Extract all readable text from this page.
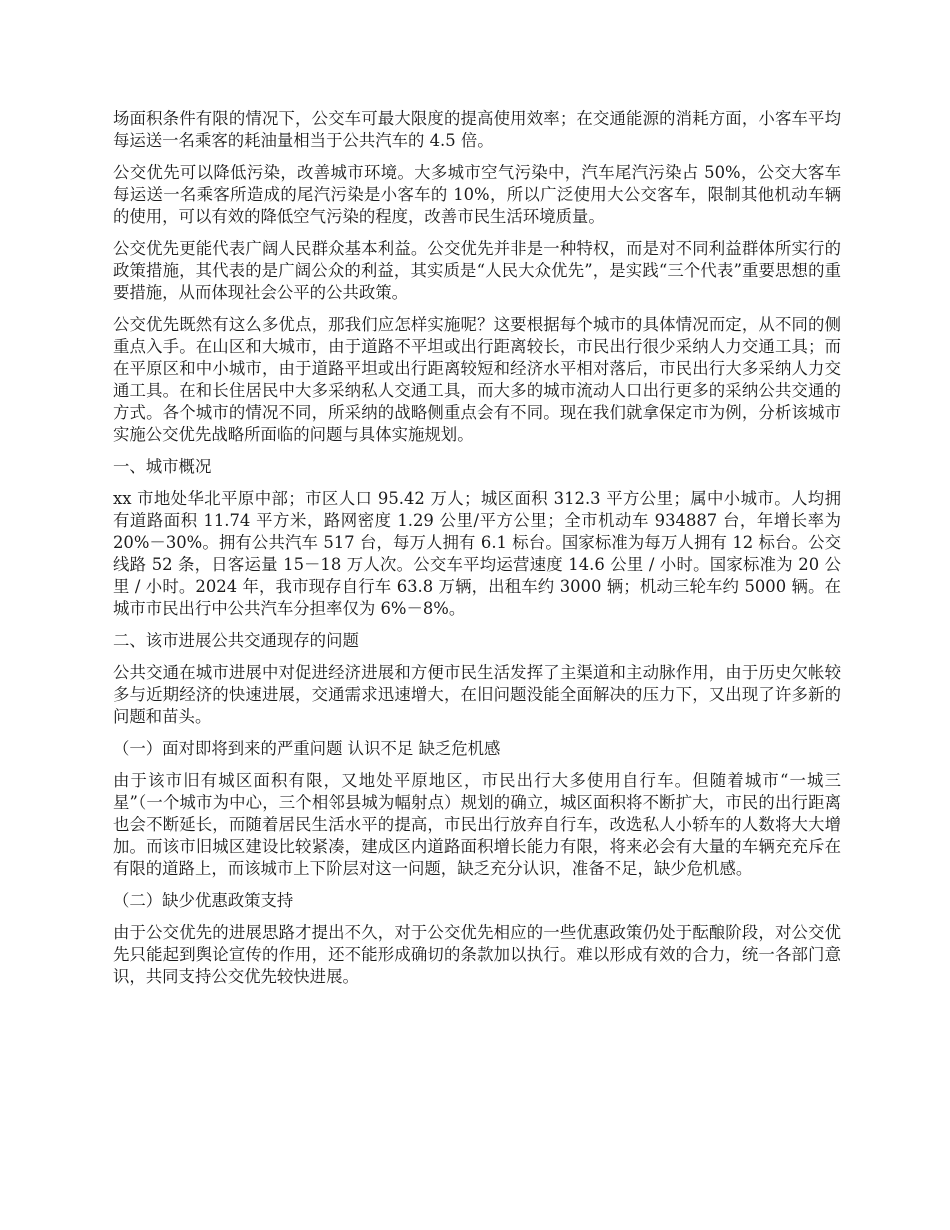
场面积条件有限的情况下，公交车可最大限度的提高使用效率；在交通能源的消耗方面，小客车平均每运送一名乘客的耗油量相当于公共汽车的 4.5 倍。

公交优先可以降低污染，改善城市环境。大多城市空气污染中，汽车尾汽污染占 50%，公交大客车每运送一名乘客所造成的尾汽污染是小客车的 10%，所以广泛使用大公交客车，限制其他机动车辆的使用，可以有效的降低空气污染的程度，改善市民生活环境质量。

公交优先更能代表广阔人民群众基本利益。公交优先并非是一种特权，而是对不同利益群体所实行的政策措施，其代表的是广阔公众的利益，其实质是“人民大众优先”，是实践“三个代表”重要思想的重要措施，从而体现社会公平的公共政策。

公交优先既然有这么多优点，那我们应怎样实施呢？这要根据每个城市的具体情况而定，从不同的侧重点入手。在山区和大城市，由于道路不平坦或出行距离较长，市民出行很少采纳人力交通工具；而在平原区和中小城市，由于道路平坦或出行距离较短和经济水平相对落后，市民出行大多采纳人力交通工具。在和长住居民中大多采纳私人交通工具，而大多的城市流动人口出行更多的采纳公共交通的方式。各个城市的情况不同，所采纳的战略侧重点会有不同。现在我们就拿保定市为例，分析该城市实施公交优先战略所面临的问题与具体实施规划。

一、城市概况

xx 市地处华北平原中部；市区人口 95.42 万人；城区面积 312.3 平方公里；属中小城市。人均拥有道路面积 11.74 平方米，路网密度 1.29 公里/平方公里；全市机动车 934887 台，年增长率为 20%－30%。拥有公共汽车 517 台，每万人拥有 6.1 标台。国家标准为每万人拥有 12 标台。公交线路 52 条，日客运量 15－18 万人次。公交车平均运营速度 14.6 公里 / 小时。国家标准为 20 公里 / 小时。2024 年，我市现存自行车 63.8 万辆，出租车约 3000 辆；机动三轮车约 5000 辆。在城市市民出行中公共汽车分担率仅为 6%－8%。

二、该市进展公共交通现存的问题

公共交通在城市进展中对促进经济进展和方便市民生活发挥了主渠道和主动脉作用，由于历史欠帐较多与近期经济的快速进展，交通需求迅速增大，在旧问题没能全面解决的压力下，又出现了许多新的问题和苗头。

（一）面对即将到来的严重问题 认识不足 缺乏危机感

由于该市旧有城区面积有限，又地处平原地区，市民出行大多使用自行车。但随着城市“一城三星”（一个城市为中心，三个相邻县城为幅射点）规划的确立，城区面积将不断扩大，市民的出行距离也会不断延长，而随着居民生活水平的提高，市民出行放弃自行车，改选私人小轿车的人数将大大增加。而该市旧城区建设比较紧凑，建成区内道路面积增长能力有限，将来必会有大量的车辆充充斥在有限的道路上，而该城市上下阶层对这一问题，缺乏充分认识，准备不足，缺少危机感。

（二）缺少优惠政策支持

由于公交优先的进展思路才提出不久，对于公交优先相应的一些优惠政策仍处于酝酿阶段，对公交优先只能起到舆论宣传的作用，还不能形成确切的条款加以执行。难以形成有效的合力，统一各部门意识，共同支持公交优先较快进展。
